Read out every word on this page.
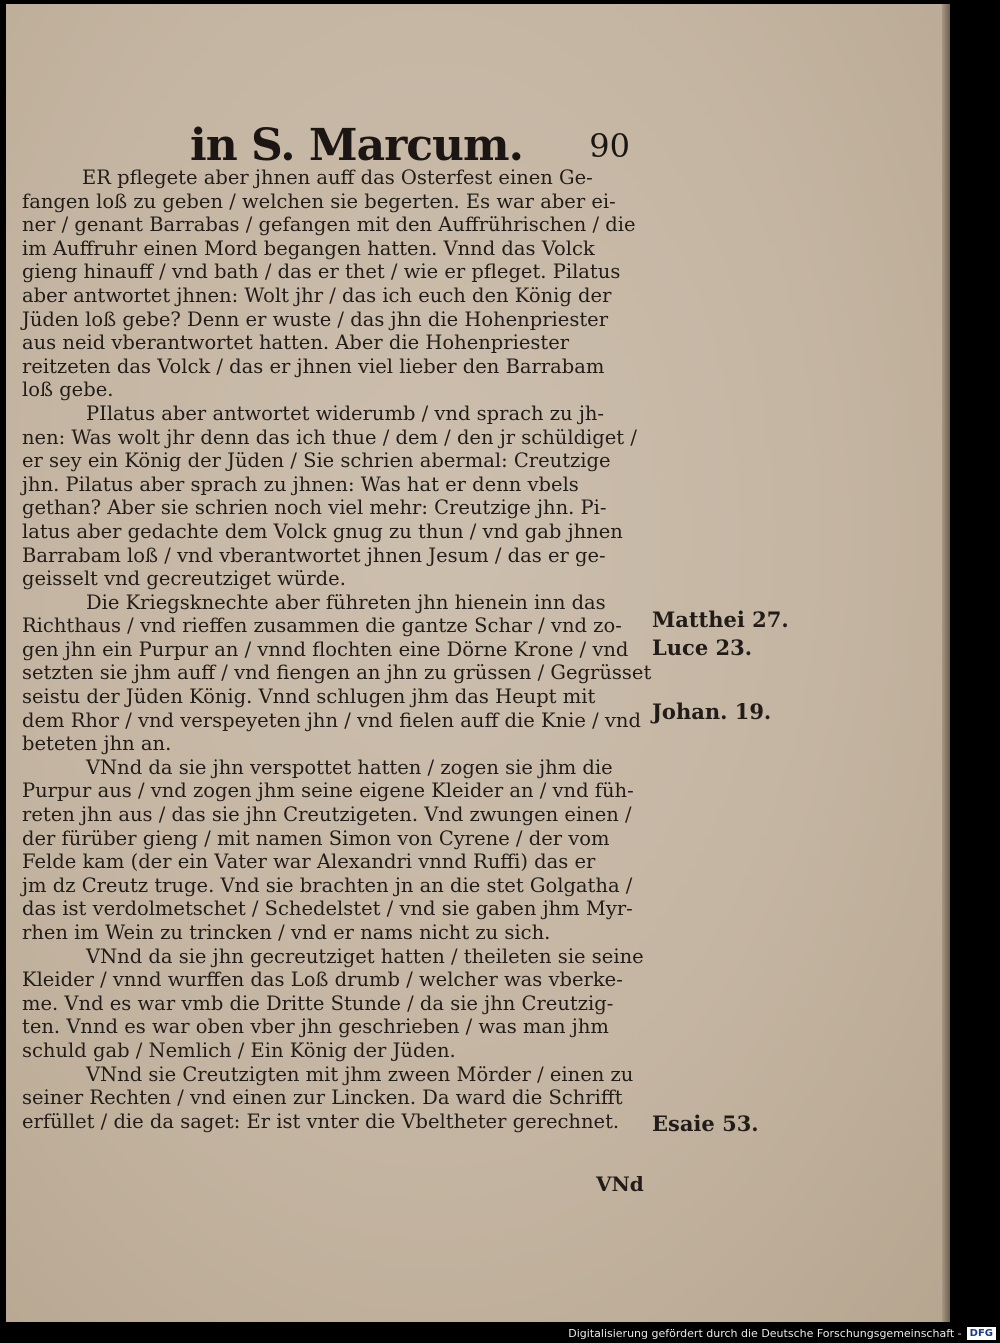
in S. Marcum. 90
ER pflegete aber jhnen auff das Osterfest einen Ge-
fangen loß zu geben / welchen sie begerten. Es war aber ei-
ner / genant Barrabas / gefangen mit den Auffrührischen / die
im Auffruhr einen Mord begangen hatten. Vnnd das Volck
gieng hinauff / vnd bath / das er thet / wie er pfleget. Pilatus
aber antwortet jhnen: Wolt jhr / das ich euch den König der
Jüden loß gebe? Denn er wuste / das jhn die Hohenpriester
aus neid vberantwortet hatten. Aber die Hohenpriester
reitzeten das Volck / das er jhnen viel lieber den Barrabam
loß gebe.
PIlatus aber antwortet widerumb / vnd sprach zu jh-
nen: Was wolt jhr denn das ich thue / dem / den jr schüldiget /
er sey ein König der Jüden / Sie schrien abermal: Creutzige
jhn. Pilatus aber sprach zu jhnen: Was hat er denn vbels
gethan? Aber sie schrien noch viel mehr: Creutzige jhn. Pi-
latus aber gedachte dem Volck gnug zu thun / vnd gab jhnen
Barrabam loß / vnd vberantwortet jhnen Jesum / das er ge-
geisselt vnd gecreutziget würde.
Die Kriegsknechte aber führeten jhn hienein inn das
Richthaus / vnd rieffen zusammen die gantze Schar / vnd zo-
gen jhn ein Purpur an / vnnd flochten eine Dörne Krone / vnd
setzten sie jhm auff / vnd fiengen an jhn zu grüssen / Gegrüsset
seistu der Jüden König. Vnnd schlugen jhm das Heupt mit
dem Rhor / vnd verspeyeten jhn / vnd fielen auff die Knie / vnd
beteten jhn an.
VNnd da sie jhn verspottet hatten / zogen sie jhm die
Purpur aus / vnd zogen jhm seine eigene Kleider an / vnd füh-
reten jhn aus / das sie jhn Creutzigeten. Vnd zwungen einen /
der fürüber gieng / mit namen Simon von Cyrene / der vom
Felde kam (der ein Vater war Alexandri vnnd Ruffi) das er
jm dz Creutz truge. Vnd sie brachten jn an die stet Golgatha /
das ist verdolmetschet / Schedelstet / vnd sie gaben jhm Myr-
rhen im Wein zu trincken / vnd er nams nicht zu sich.
VNnd da sie jhn gecreutziget hatten / theileten sie seine
Kleider / vnnd wurffen das Loß drumb / welcher was vberke-
me. Vnd es war vmb die Dritte Stunde / da sie jhn Creutzig-
ten. Vnnd es war oben vber jhn geschrieben / was man jhm
schuld gab / Nemlich / Ein König der Jüden.
VNnd sie Creutzigten mit jhm zween Mörder / einen zu
seiner Rechten / vnd einen zur Lincken. Da ward die Schrifft
erfüllet / die da saget: Er ist vnter die Vbeltheter gerechnet.
Matthei 27.
Luce 23.
Johan. 19.
Esaie 53.
VNd
Digitalisierung gefördert durch die Deutsche Forschungsgemeinschaft - DFG
